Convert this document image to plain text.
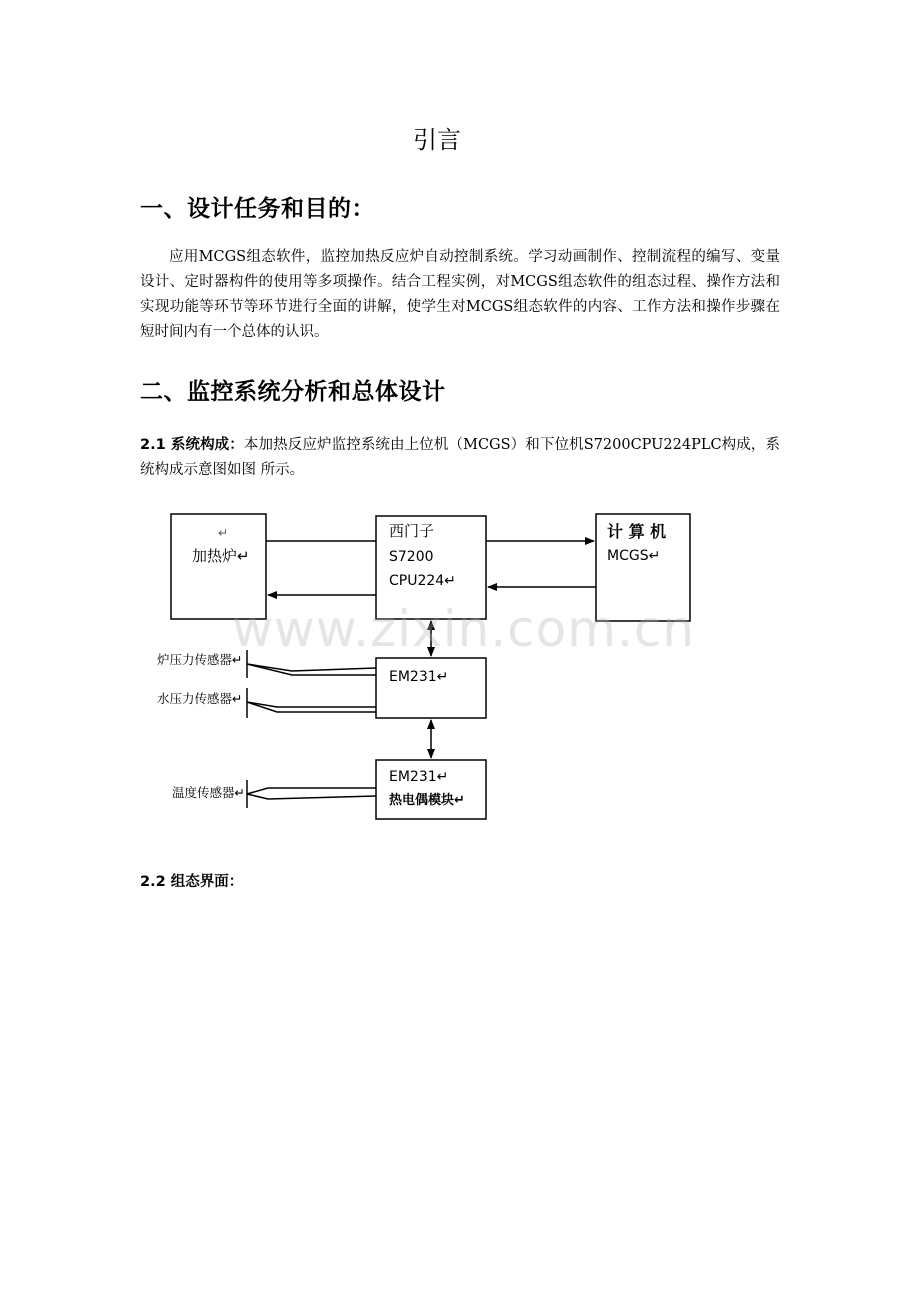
引言
一、设计任务和目的：
应用MCGS组态软件，监控加热反应炉自动控制系统。学习动画制作、控制流程的编写、变量设计、定时器构件的使用等多项操作。结合工程实例，对MCGS组态软件的组态过程、操作方法和实现功能等环节等环节进行全面的讲解，使学生对MCGS组态软件的内容、工作方法和操作步骤在短时间内有一个总体的认识。
二、监控系统分析和总体设计
2.1 系统构成：本加热反应炉监控系统由上位机（MCGS）和下位机S7200CPU224PLC构成，系统构成示意图如图 所示。
↵
加热炉↵
西门子
S7200
CPU224↵
计 算 机
MCGS↵
EM231↵
EM231↵
热电偶模块↵
炉压力传感器↵
水压力传感器↵
温度传感器↵
www.zixin.com.cn
2.2 组态界面：
